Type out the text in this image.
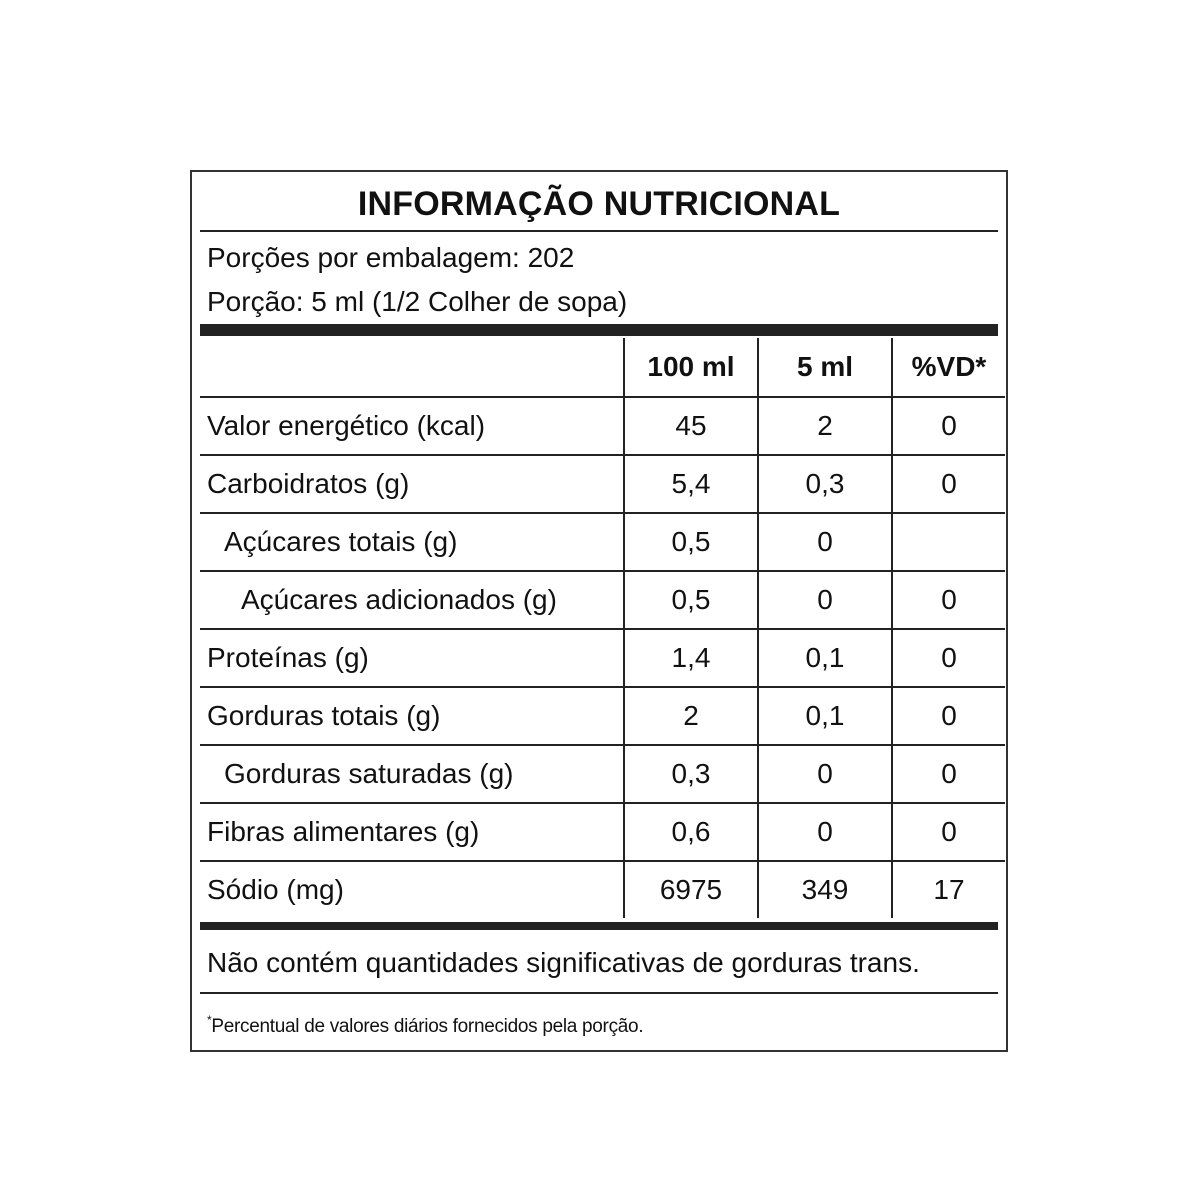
INFORMAÇÃO NUTRICIONAL
Porções por embalagem: 202
Porção: 5 ml (1/2 Colher de sopa)
	100 ml	5 ml	%VD*
Valor energético (kcal)	45	2	0
Carboidratos (g)	5,4	0,3	0
Açúcares totais (g)	0,5	0	
Açúcares adicionados (g)	0,5	0	0
Proteínas (g)	1,4	0,1	0
Gorduras totais (g)	2	0,1	0
Gorduras saturadas (g)	0,3	0	0
Fibras alimentares (g)	0,6	0	0
Sódio (mg)	6975	349	17
Não contém quantidades significativas de gorduras trans.
*Percentual de valores diários fornecidos pela porção.
